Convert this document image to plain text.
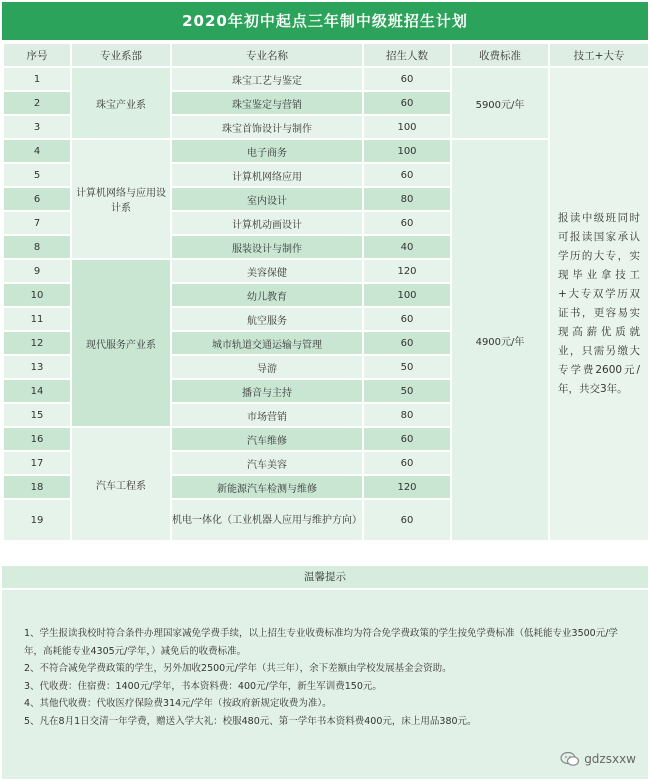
2020年初中起点三年制中级班招生计划
序号	专业系部	专业名称	招生人数	收费标准	技工+大专
1	珠宝产业系	珠宝工艺与鉴定	60	5900元/年	报读中级班同时可报读国家承认学历的大专，实现毕业拿技工+大专双学历双证书，更容易实现高薪优质就业，只需另缴大专学费2600元/年，共交3年。

2		珠宝鉴定与营销	60		
3		珠宝首饰设计与制作	100		
4	计算机网络与应用设计系	电子商务	100	4900元/年	
5		计算机网络应用	60		
6		室内设计	80		
7		计算机动画设计	60		
8		服装设计与制作	40		
9	现代服务产业系	美容保健	120		
10		幼儿教育	100		
11		航空服务	60		
12		城市轨道交通运输与管理	60		
13		导游	50		
14		播音与主持	50		
15		市场营销	80		
16	汽车工程系	汽车维修	60		
17		汽车美容	60		
18		新能源汽车检测与维修	120		
19		机电一体化（工业机器人应用与维护方向）	60		
温馨提示
1、学生报读我校时符合条件办理国家减免学费手续，以上招生专业收费标准均为符合免学费政策的学生按免学费标准（低耗能专业3500元/学年，高耗能专业4305元/学年，）减免后的收费标准。
2、不符合减免学费政策的学生，另外加收2500元/学年（共三年），余下差额由学校发展基金会资助。
3、代收费：住宿费：1400元/学年，书本资料费：400元/学年，新生军训费150元。
4、其他代收费：代收医疗保险费314元/学年（按政府新规定收费为准）。
5、凡在8月1日交清一年学费，赠送入学大礼：校服480元、第一学年书本资料费400元，床上用品380元。
gdzsxxw
